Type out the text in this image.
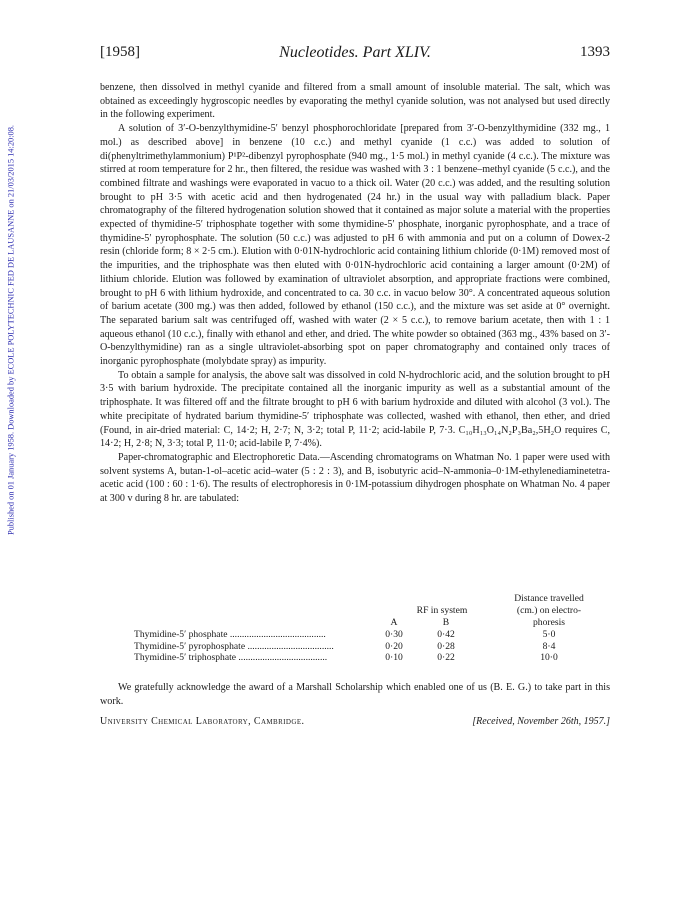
Published on 01 January 1958. Downloaded by ECOLE POLYTECHNIC FED DE LAUSANNE on 21/03/2015 14:20:08.
[1958]	Nucleotides. Part XLIV.	1393

benzene, then dissolved in methyl cyanide and filtered from a small amount of insoluble material. The salt, which was obtained as exceedingly hygroscopic needles by evaporating the methyl cyanide solution, was not analysed but used directly in the following experiment.

A solution of 3′-O-benzylthymidine-5′ benzyl phosphorochloridate [prepared from 3′-O-benzylthymidine (332 mg., 1 mol.) as described above] in benzene (10 c.c.) and methyl cyanide (1 c.c.) was added to solution of di(phenyltrimethylammonium) P¹P²-dibenzyl pyrophosphate (940 mg., 1·5 mol.) in methyl cyanide (4 c.c.). The mixture was stirred at room temperature for 2 hr., then filtered, the residue was washed with 3 : 1 benzene–methyl cyanide (5 c.c.), and the combined filtrate and washings were evaporated in vacuo to a thick oil. Water (20 c.c.) was added, and the resulting solution brought to pH 3·5 with acetic acid and then hydrogenated (24 hr.) in the usual way with palladium black. Paper chromatography of the filtered hydrogenation solution showed that it contained as major solute a material with the properties expected of thymidine-5′ triphosphate together with some thymidine-5′ phosphate, inorganic pyrophosphate, and a trace of thymidine-5′ pyrophosphate. The solution (50 c.c.) was adjusted to pH 6 with ammonia and put on a column of Dowex-2 resin (chloride form; 8 × 2·5 cm.). Elution with 0·01N-hydrochloric acid containing lithium chloride (0·1M) removed most of the impurities, and the triphosphate was then eluted with 0·01N-hydrochloric acid containing a larger amount (0·2M) of lithium chloride. Elution was followed by examination of ultraviolet absorption, and appropriate fractions were combined, brought to pH 6 with lithium hydroxide, and concentrated to ca. 30 c.c. in vacuo below 30°. A concentrated aqueous solution of barium acetate (300 mg.) was then added, followed by ethanol (150 c.c.), and the mixture was set aside at 0° overnight. The separated barium salt was centrifuged off, washed with water (2 × 5 c.c.), to remove barium acetate, then with 1 : 1 aqueous ethanol (10 c.c.), finally with ethanol and ether, and dried. The white powder so obtained (363 mg., 43% based on 3′-O-benzylthymidine) ran as a single ultraviolet-absorbing spot on paper chromatography and contained only traces of inorganic pyrophosphate (molybdate spray) as impurity.

To obtain a sample for analysis, the above salt was dissolved in cold N-hydrochloric acid, and the solution brought to pH 3·5 with barium hydroxide. The precipitate contained all the inorganic impurity as well as a substantial amount of the triphosphate. It was filtered off and the filtrate brought to pH 6 with barium hydroxide and diluted with alcohol (3 vol.). The white precipitate of hydrated barium thymidine-5′ triphosphate was collected, washed with ethanol, then ether, and dried (Found, in air-dried material: C, 14·2; H, 2·7; N, 3·2; total P, 11·2; acid-labile P, 7·3. C₁₀H₁₃O₁₄N₂P₃Ba₂,5H₂O requires C, 14·2; H, 2·8; N, 3·3; total P, 11·0; acid-labile P, 7·4%).

Paper-chromatographic and Electrophoretic Data.—Ascending chromatograms on Whatman No. 1 paper were used with solvent systems A, butan-1-ol–acetic acid–water (5 : 2 : 3), and B, isobutyric acid–N-ammonia–0·1M-ethylenediaminetetra-acetic acid (100 : 60 : 1·6). The results of electrophoresis in 0·1M-potassium dihydrogen phosphate on Whatman No. 4 paper at 300 v during 8 hr. are tabulated:

Distance travelled
(cm.) on electro-
phoresis
RF in system
A	B
Thymidine-5′ phosphate ........................................	0·30	0·42	5·0
Thymidine-5′ pyrophosphate ....................................	0·20	0·28	8·4
Thymidine-5′ triphosphate .....................................	0·10	0·22	10·0

We gratefully acknowledge the award of a Marshall Scholarship which enabled one of us (B. E. G.) to take part in this work.

University Chemical Laboratory, Cambridge.	[Received, November 26th, 1957.]
